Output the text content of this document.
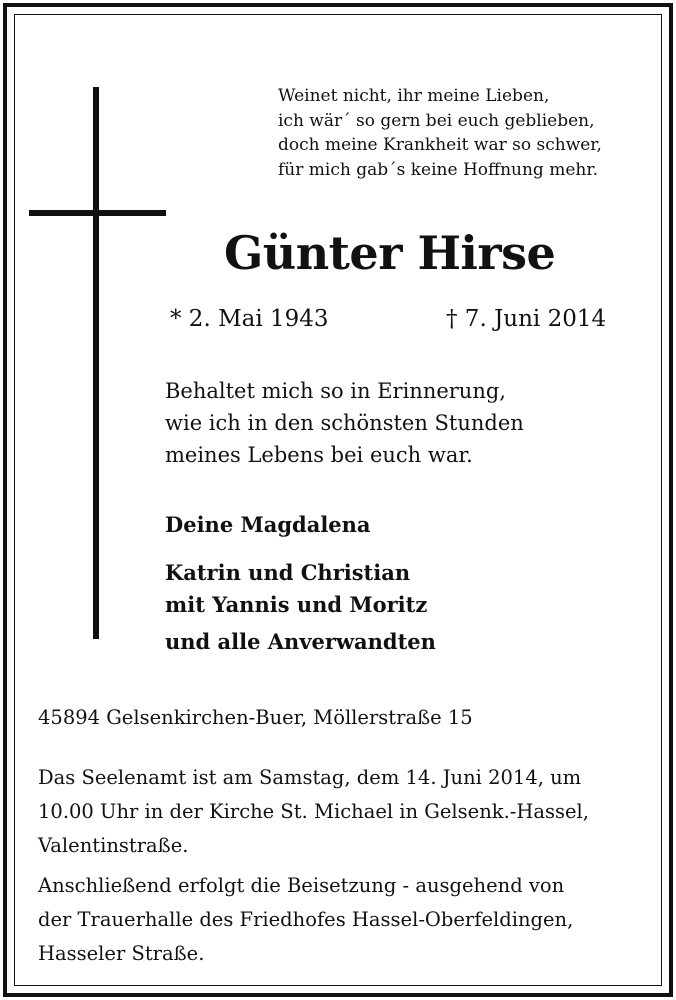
Weinet nicht, ihr meine Lieben,
ich wär´ so gern bei euch geblieben,
doch meine Krankheit war so schwer,
für mich gab´s keine Hoffnung mehr.
Günter Hirse
* 2. Mai 1943	† 7. Juni 2014
Behaltet mich so in Erinnerung,
wie ich in den schönsten Stunden
meines Lebens bei euch war.
Deine Magdalena
Katrin und Christian
mit Yannis und Moritz
und alle Anverwandten
45894 Gelsenkirchen-Buer, Möllerstraße 15
Das Seelenamt ist am Samstag, dem 14. Juni 2014, um
10.00 Uhr in der Kirche St. Michael in Gelsenk.-Hassel,
Valentinstraße.
Anschließend erfolgt die Beisetzung - ausgehend von
der Trauerhalle des Friedhofes Hassel-Oberfeldingen,
Hasseler Straße.
